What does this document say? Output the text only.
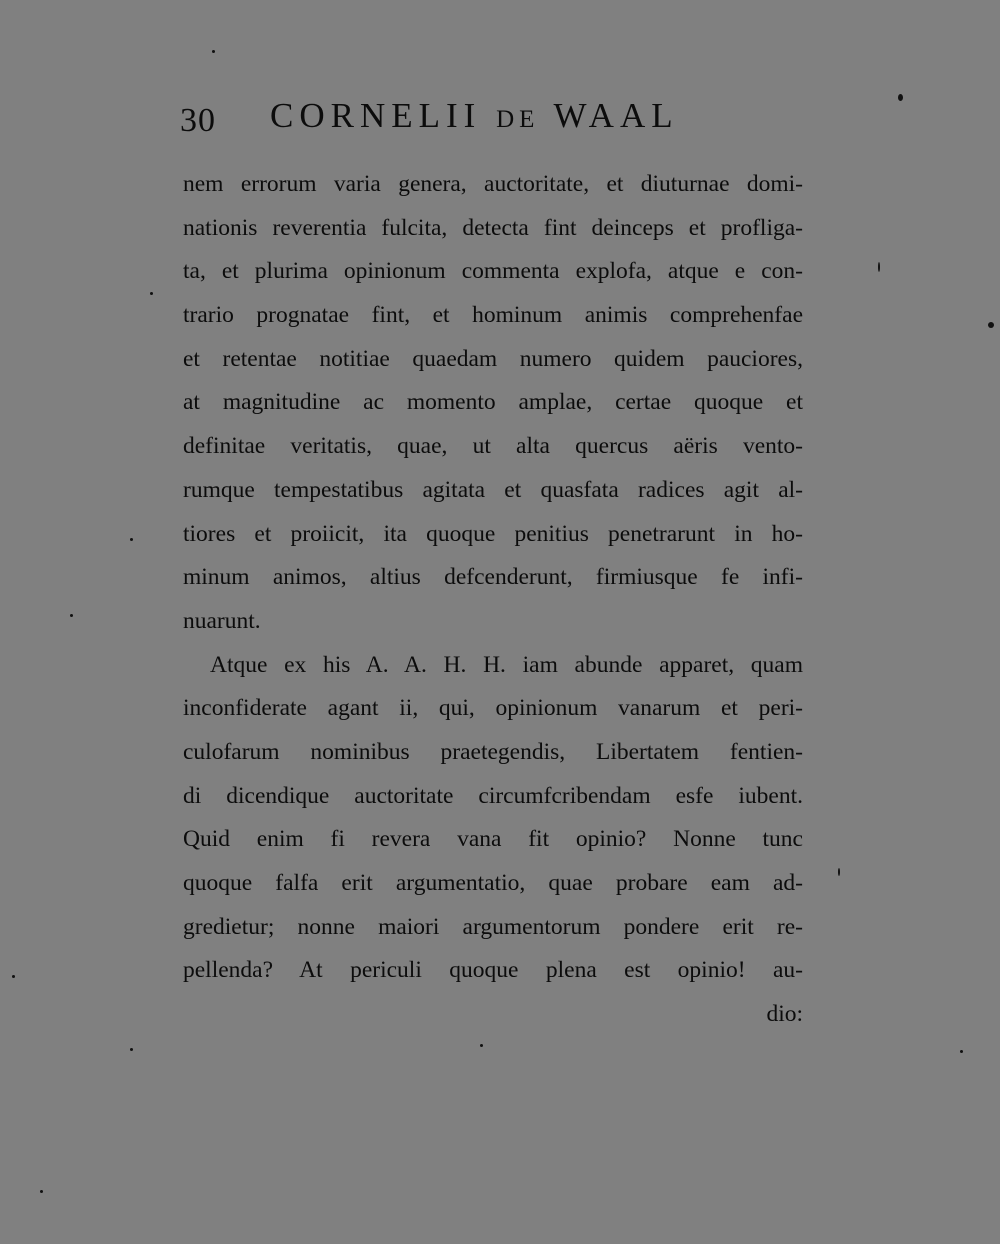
30 CORNELII DE WAAL
nem errorum varia genera, auctoritate, et diuturnae domi-
nationis reverentia fulcita, detecta fint deinceps et profliga-
ta, et plurima opinionum commenta explofa, atque e con-
trario prognatae fint, et hominum animis comprehenfae
et retentae notitiae quaedam numero quidem pauciores,
at magnitudine ac momento amplae, certae quoque et
definitae veritatis, quae, ut alta quercus aëris vento-
rumque tempestatibus agitata et quasfata radices agit al-
tiores et proiicit, ita quoque penitius penetrarunt in ho-
minum animos, altius defcenderunt, firmiusque fe infi-
nuarunt.
Atque ex his A. A. H. H. iam abunde apparet, quam
inconfiderate agant ii, qui, opinionum vanarum et peri-
culofarum nominibus praetegendis, Libertatem fentien-
di dicendique auctoritate circumfcribendam esfe iubent.
Quid enim fi revera vana fit opinio? Nonne tunc
quoque falfa erit argumentatio, quae probare eam ad-
gredietur; nonne maiori argumentorum pondere erit re-
pellenda? At periculi quoque plena est opinio! au-
dio:
